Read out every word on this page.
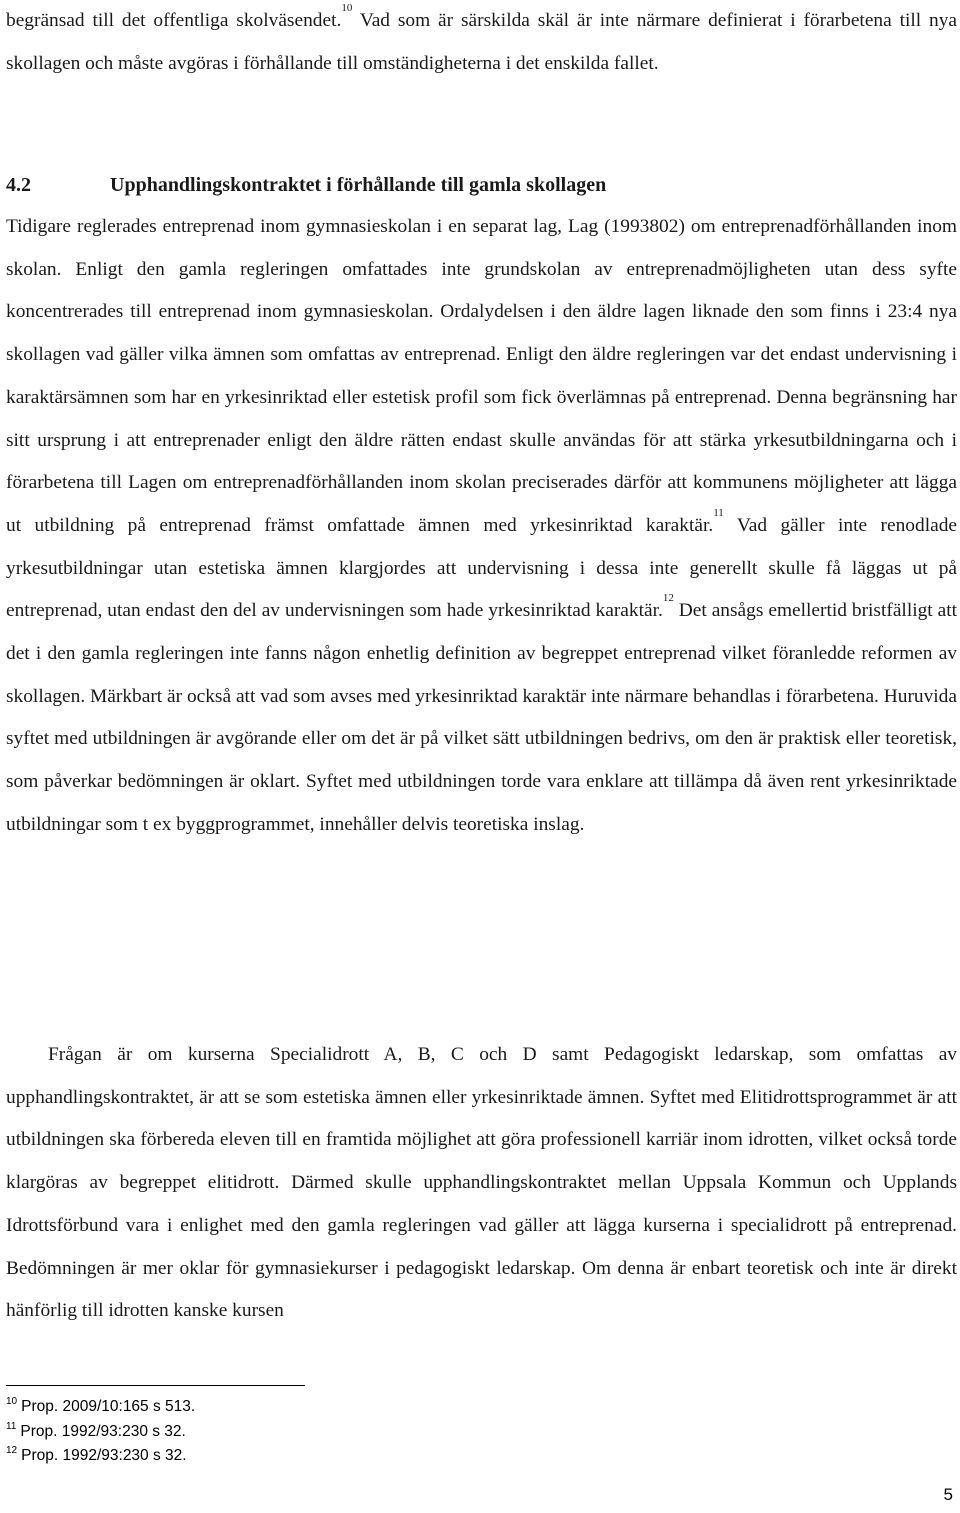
begränsad till det offentliga skolväsendet.$^{10}$ Vad som är särskilda skäl är inte närmare definierat i förarbetena till nya skollagen och måste avgöras i förhållande till omständigheterna i det enskilda fallet.

4.2	Upphandlingskontraktet i förhållande till gamla skollagen

Tidigare reglerades entreprenad inom gymnasieskolan i en separat lag, Lag (1993802) om entreprenadförhållanden inom skolan. Enligt den gamla regleringen omfattades inte grundskolan av entreprenadmöjligheten utan dess syfte koncentrerades till entreprenad inom gymnasieskolan. Ordalydelsen i den äldre lagen liknade den som finns i 23:4 nya skollagen vad gäller vilka ämnen som omfattas av entreprenad. Enligt den äldre regleringen var det endast undervisning i karaktärsämnen som har en yrkesinriktad eller estetisk profil som fick överlämnas på entreprenad. Denna begränsning har sitt ursprung i att entreprenader enligt den äldre rätten endast skulle användas för att stärka yrkesutbildningarna och i förarbetena till Lagen om entreprenadförhållanden inom skolan preciserades därför att kommunens möjligheter att lägga ut utbildning på entreprenad främst omfattade ämnen med yrkesinriktad karaktär.$^{11}$ Vad gäller inte renodlade yrkesutbildningar utan estetiska ämnen klargjordes att undervisning i dessa inte generellt skulle få läggas ut på entreprenad, utan endast den del av undervisningen som hade yrkesinriktad karaktär.$^{12}$ Det ansågs emellertid bristfälligt att det i den gamla regleringen inte fanns någon enhetlig definition av begreppet entreprenad vilket föranledde reformen av skollagen. Märkbart är också att vad som avses med yrkesinriktad karaktär inte närmare behandlas i förarbetena. Huruvida syftet med utbildningen är avgörande eller om det är på vilket sätt utbildningen bedrivs, om den är praktisk eller teoretisk, som påverkar bedömningen är oklart. Syftet med utbildningen torde vara enklare att tillämpa då även rent yrkesinriktade utbildningar som t ex byggprogrammet, innehåller delvis teoretiska inslag.

Frågan är om kurserna Specialidrott A, B, C och D samt Pedagogiskt ledarskap, som omfattas av upphandlingskontraktet, är att se som estetiska ämnen eller yrkesinriktade ämnen. Syftet med Elitidrottsprogrammet är att utbildningen ska förbereda eleven till en framtida möjlighet att göra professionell karriär inom idrotten, vilket också torde klargöras av begreppet elitidrott. Därmed skulle upphandlingskontraktet mellan Uppsala Kommun och Upplands Idrottsförbund vara i enlighet med den gamla regleringen vad gäller att lägga kurserna i specialidrott på entreprenad. Bedömningen är mer oklar för gymnasiekurser i pedagogiskt ledarskap. Om denna är enbart teoretisk och inte är direkt hänförlig till idrotten kanske kursen

$^{10}$ Prop. 2009/10:165 s 513.

$^{11}$ Prop. 1992/93:230 s 32.

$^{12}$ Prop. 1992/93:230 s 32.

5
